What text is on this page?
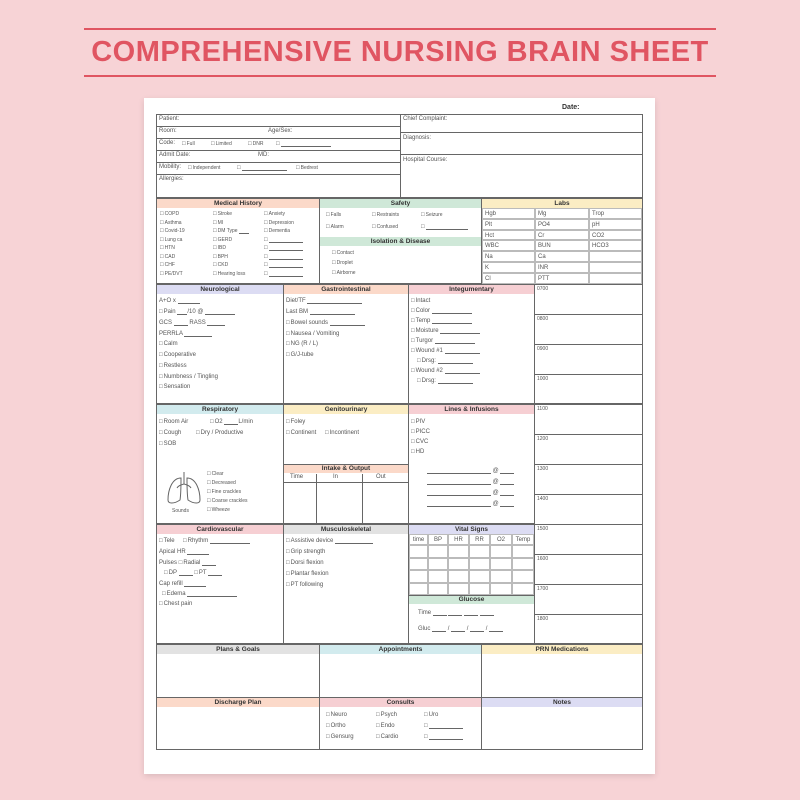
COMPREHENSIVE NURSING BRAIN SHEET
Date:
Patient:
Room:	Age/Sex:
Code:	□ Full	□ Limited	□ DNR
□
Admit Date:	MD:
Mobility:	□ Independent □	□ Bedrest
Allergies:
Chief Complaint:
Diagnosis:
Hospital Course:
Medical History	Safety	Labs
□ COPD
□ Asthma
□ Covid-19
□ Lung ca
□ HTN
□ CAD
□ CHF
□ PE/DVT
□ Stroke
□ MI
□ DM Type
□ GERD
□ IBD
□ BPH
□ CKD
□ Hearing loss
□ Anxiety
□ Depression
□ Dementia
□
□
□
□
□
□ Falls	□ Restraints	□ Seizure
□ Alarm	□ Confused
□
Isolation & Disease
□ Contact
□ Droplet
□ Airborne
Hgb	Mg	Trop
Plt	PO4	pH
Hct	Cr	CO2
WBC	BUN	HCO3
Na	Ca
K	INR
Cl	PTT
Neurological	Gastrointestinal	Integumentary
A+O x
□ Pain /10 @
GCS	RASS
PERRLA
□ Calm
□ Cooperative
□ Restless
□ Numbness / Tingling
□ Sensation
Diet/TF
Last BM
□ Bowel sounds
□ Nausea / Vomiting
□ NG (R / L)
□ G/J-tube
□ Intact
□ Color
□ Temp
□ Moisture
□ Turgor
□ Wound #1
□ Drsg:
□ Wound #2
□ Drsg:
0700
0800
0900
1000
1100
1200
1300
1400
1500
1600
1700
1800
Respiratory	Genitourinary	Lines & Infusions
□ Room Air	□ O2	L/min
□ Cough	□ Dry / Productive
□ SOB
Sounds
□ Clear
□ Decreased
□ Fine crackles
□ Coarse crackles
□ Wheeze
□ Foley
□ Continent	□ Incontinent
Intake & Output
Time	In	Out
□ PIV
□ PICC
□ CVC
□ HD
@
@
@
@
Cardiovascular	Musculoskeletal	Vital Signs
□ Tele	□ Rhythm
Apical HR
Pulses □ Radial
□ DP □	PT
Cap refill
□ Edema
□ Chest pain
□ Assistive device
□ Grip strength
□ Dorsi flexion
□ Plantar flexion
□ PT following
time	BP	HR	RR	O2	Temp
Glucose
Time
Gluc	/	/	/
Plans & Goals	Appointments	PRN Medications
Discharge Plan	Consults	Notes
□ Neuro
□ Ortho
□ Gensurg
□ Psych
□ Endo
□ Cardio
□ Uro
□
□
